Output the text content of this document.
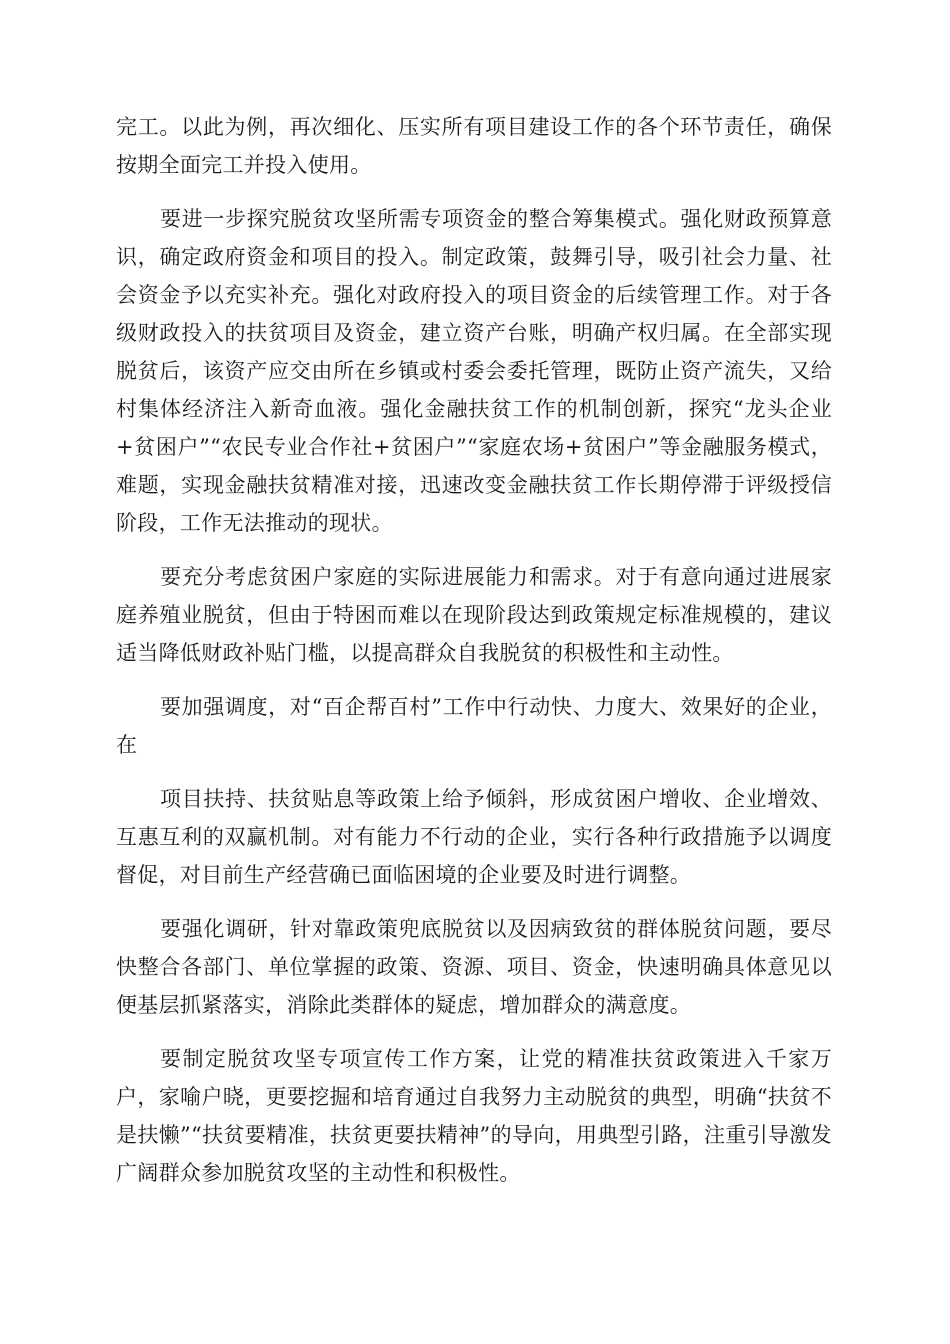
完工。以此为例，再次细化、压实所有项目建设工作的各个环节责任，确保按期全面完工并投入使用。

要进一步探究脱贫攻坚所需专项资金的整合筹集模式。强化财政预算意识，确定政府资金和项目的投入。制定政策，鼓舞引导，吸引社会力量、社会资金予以充实补充。强化对政府投入的项目资金的后续管理工作。对于各级财政投入的扶贫项目及资金，建立资产台账，明确产权归属。在全部实现脱贫后，该资产应交由所在乡镇或村委会委托管理，既防止资产流失，又给村集体经济注入新奇血液。强化金融扶贫工作的机制创新，探究“龙头企业+贫困户”“农民专业合作社+贫困户”“家庭农场+贫困户”等金融服务模式，难题，实现金融扶贫精准对接，迅速改变金融扶贫工作长期停滞于评级授信阶段，工作无法推动的现状。

要充分考虑贫困户家庭的实际进展能力和需求。对于有意向通过进展家庭养殖业脱贫，但由于特困而难以在现阶段达到政策规定标准规模的，建议适当降低财政补贴门槛，以提高群众自我脱贫的积极性和主动性。

要加强调度，对“百企帮百村”工作中行动快、力度大、效果好的企业，在

项目扶持、扶贫贴息等政策上给予倾斜，形成贫困户增收、企业增效、互惠互利的双赢机制。对有能力不行动的企业，实行各种行政措施予以调度督促，对目前生产经营确已面临困境的企业要及时进行调整。

要强化调研，针对靠政策兜底脱贫以及因病致贫的群体脱贫问题，要尽快整合各部门、单位掌握的政策、资源、项目、资金，快速明确具体意见以便基层抓紧落实，消除此类群体的疑虑，增加群众的满意度。

要制定脱贫攻坚专项宣传工作方案，让党的精准扶贫政策进入千家万户，家喻户晓，更要挖掘和培育通过自我努力主动脱贫的典型，明确“扶贫不是扶懒”“扶贫要精准，扶贫更要扶精神”的导向，用典型引路，注重引导激发广阔群众参加脱贫攻坚的主动性和积极性。
